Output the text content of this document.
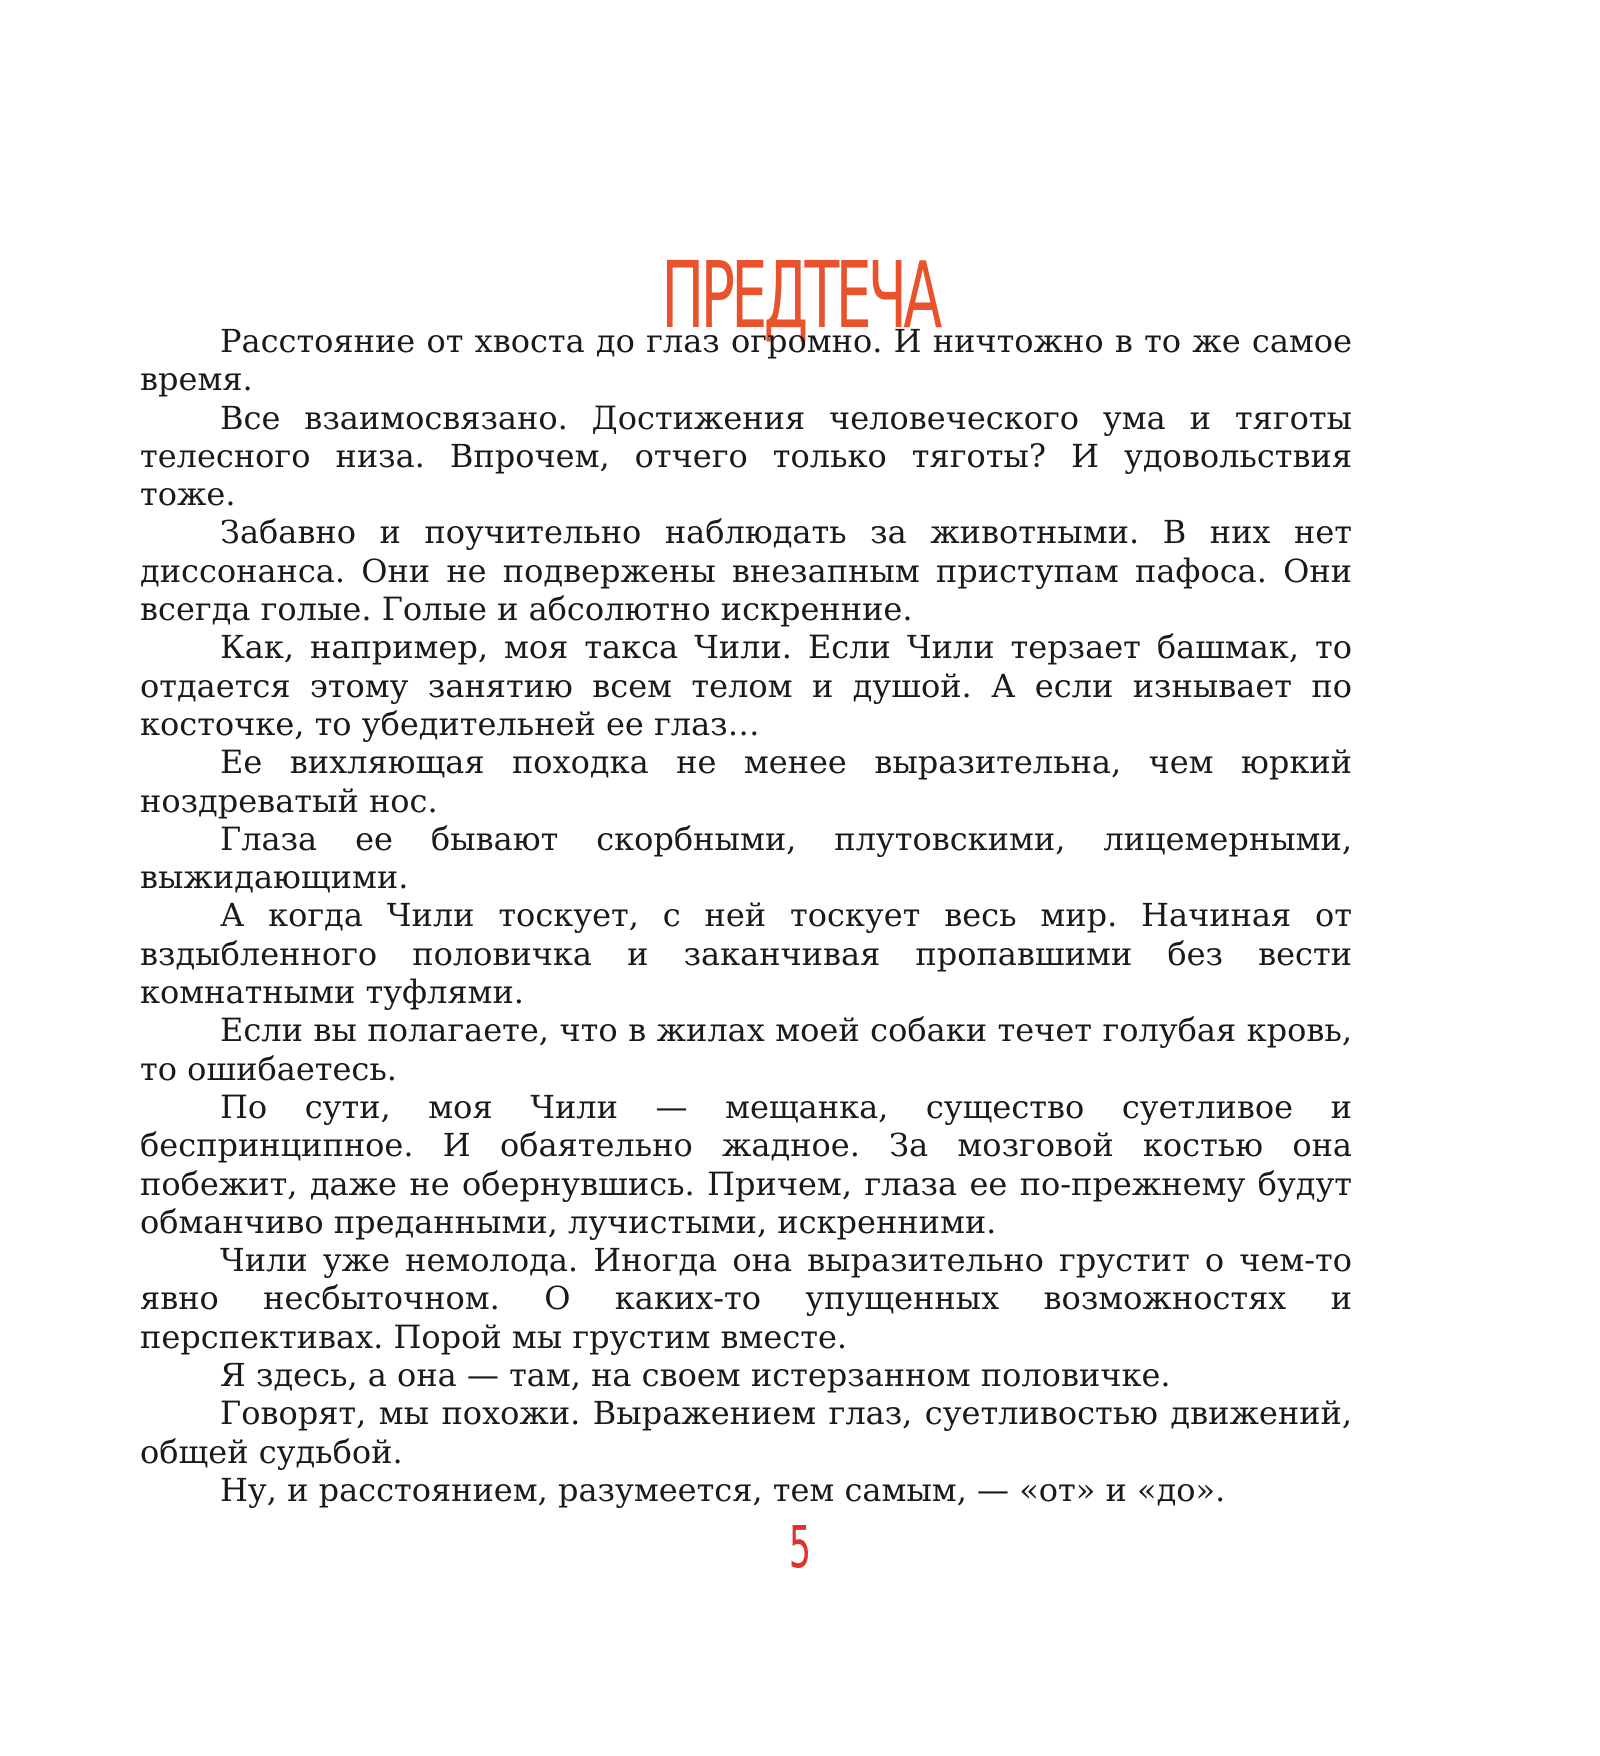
ПРЕДТЕЧА

Расстояние от хвоста до глаз огромно. И ничтожно в то же самое время.

Все взаимосвязано. Достижения человеческого ума и тяготы телесного низа. Впрочем, отчего только тяготы? И удовольствия тоже.

Забавно и поучительно наблюдать за животными. В них нет диссонанса. Они не подвержены внезапным приступам пафоса. Они всегда голые. Голые и абсолютно искренние.

Как, например, моя такса Чили. Если Чили терзает башмак, то отдается этому занятию всем телом и душой. А если изнывает по косточке, то убедительней ее глаз…

Ее вихляющая походка не менее выразительна, чем юркий ноздреватый нос.

Глаза ее бывают скорбными, плутовскими, лицемерными, выжидающими.

А когда Чили тоскует, с ней тоскует весь мир. Начиная от вздыбленного половичка и заканчивая пропавшими без вести комнатными туфлями.

Если вы полагаете, что в жилах моей собаки течет голубая кровь, то ошибаетесь.

По сути, моя Чили — мещанка, существо суетливое и беспринципное. И обаятельно жадное. За мозговой костью она побежит, даже не обернувшись. Причем, глаза ее по-прежнему будут обманчиво преданными, лучистыми, искренними.

Чили уже немолода. Иногда она выразительно грустит о чем-то явно несбыточном. О каких-то упущенных возможностях и перспективах. Порой мы грустим вместе.

Я здесь, а она — там, на своем истерзанном половичке.

Говорят, мы похожи. Выражением глаз, суетливостью движений, общей судьбой.

Ну, и расстоянием, разумеется, тем самым, — «от» и «до».

5
